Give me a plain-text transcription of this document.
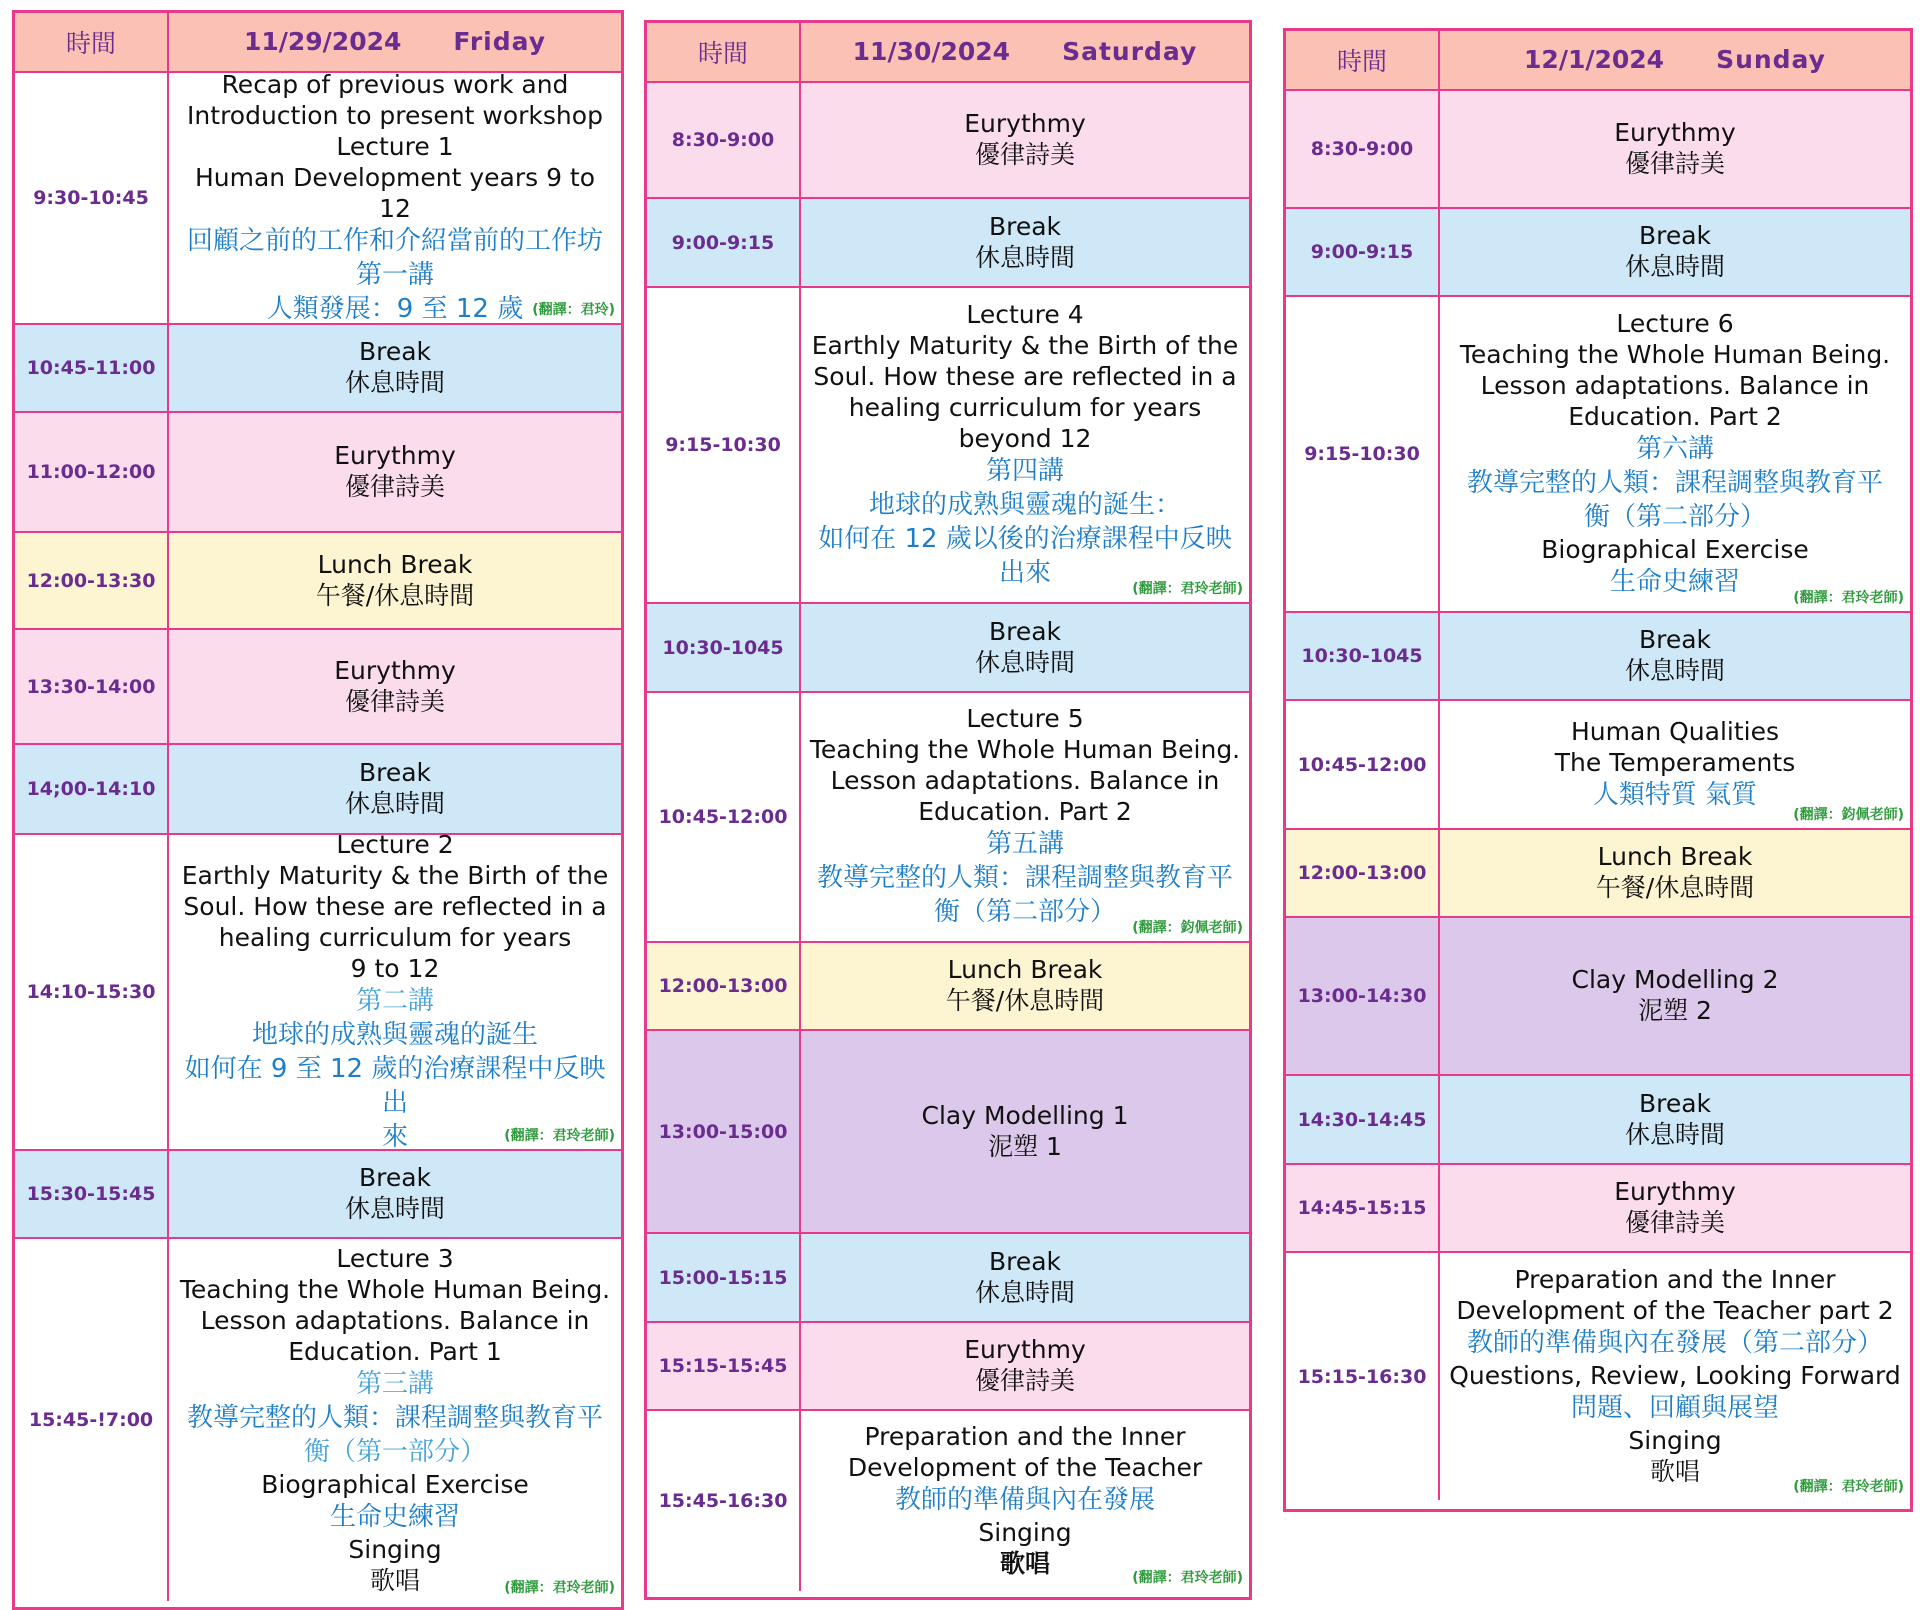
時間	11/29/2024 Friday
9:30-10:45
Recap of previous work and
Introduction to present workshop
Lecture 1
Human Development years 9 to 12
回顧之前的工作和介紹當前的工作坊
第一講
人類發展：9 至 12 歲 (翻譯：君玲)
10:45-11:00
Break
休息時間
11:00-12:00
Eurythmy
優律詩美
12:00-13:30
Lunch Break
午餐/休息時間
13:30-14:00
Eurythmy
優律詩美
14;00-14:10
Break
休息時間
14:10-15:30
Lecture 2
Earthly Maturity & the Birth of the
Soul. How these are reflected in a
healing curriculum for years
9 to 12
第二講
地球的成熟與靈魂的誕生
如何在 9 至 12 歲的治療課程中反映出
來	(翻譯：君玲老師)
15:30-15:45
Break
休息時間
15:45-!7:00
Lecture 3
Teaching the Whole Human Being.
Lesson adaptations. Balance in
Education. Part 1
第三講
教導完整的人類：課程調整與教育平
衡（第一部分）
Biographical Exercise
生命史練習
Singing
歌唱	(翻譯：君玲老師)
時間	11/30/2024 Saturday
8:30-9:00
Eurythmy
優律詩美
9:00-9:15
Break
休息時間
9:15-10:30
Lecture 4
Earthly Maturity & the Birth of the
Soul. How these are reflected in a
healing curriculum for years
beyond 12
第四講
地球的成熟與靈魂的誕生：
如何在 12 歲以後的治療課程中反映
出來
(翻譯：君玲老師)
10:30-1045
Break
休息時間
10:45-12:00
Lecture 5
Teaching the Whole Human Being.
Lesson adaptations. Balance in
Education. Part 2
第五講
教導完整的人類：課程調整與教育平
衡（第二部分）
(翻譯：鈞佩老師)
12:00-13:00
Lunch Break
午餐/休息時間
13:00-15:00
Clay Modelling 1
泥塑 1
15:00-15:15
Break
休息時間
15:15-15:45
Eurythmy
優律詩美
15:45-16:30
Preparation and the Inner
Development of the Teacher
教師的準備與內在發展
Singing
歌唱	(翻譯：君玲老師)
時間	12/1/2024 Sunday
8:30-9:00
Eurythmy
優律詩美
9:00-9:15
Break
休息時間
9:15-10:30
Lecture 6
Teaching the Whole Human Being.
Lesson adaptations. Balance in
Education. Part 2
第六講
教導完整的人類：課程調整與教育平
衡（第二部分）
Biographical Exercise
生命史練習
(翻譯：君玲老師)
10:30-1045
Break
休息時間
10:45-12:00
Human Qualities
The Temperaments
人類特質 氣質
(翻譯：鈞佩老師)
12:00-13:00
Lunch Break
午餐/休息時間
13:00-14:30
Clay Modelling 2
泥塑 2
14:30-14:45
Break
休息時間
14:45-15:15
Eurythmy
優律詩美
15:15-16:30
Preparation and the Inner
Development of the Teacher part 2
教師的準備與內在發展（第二部分）
Questions, Review, Looking Forward
問題、回顧與展望
Singing
歌唱
(翻譯：君玲老師)
